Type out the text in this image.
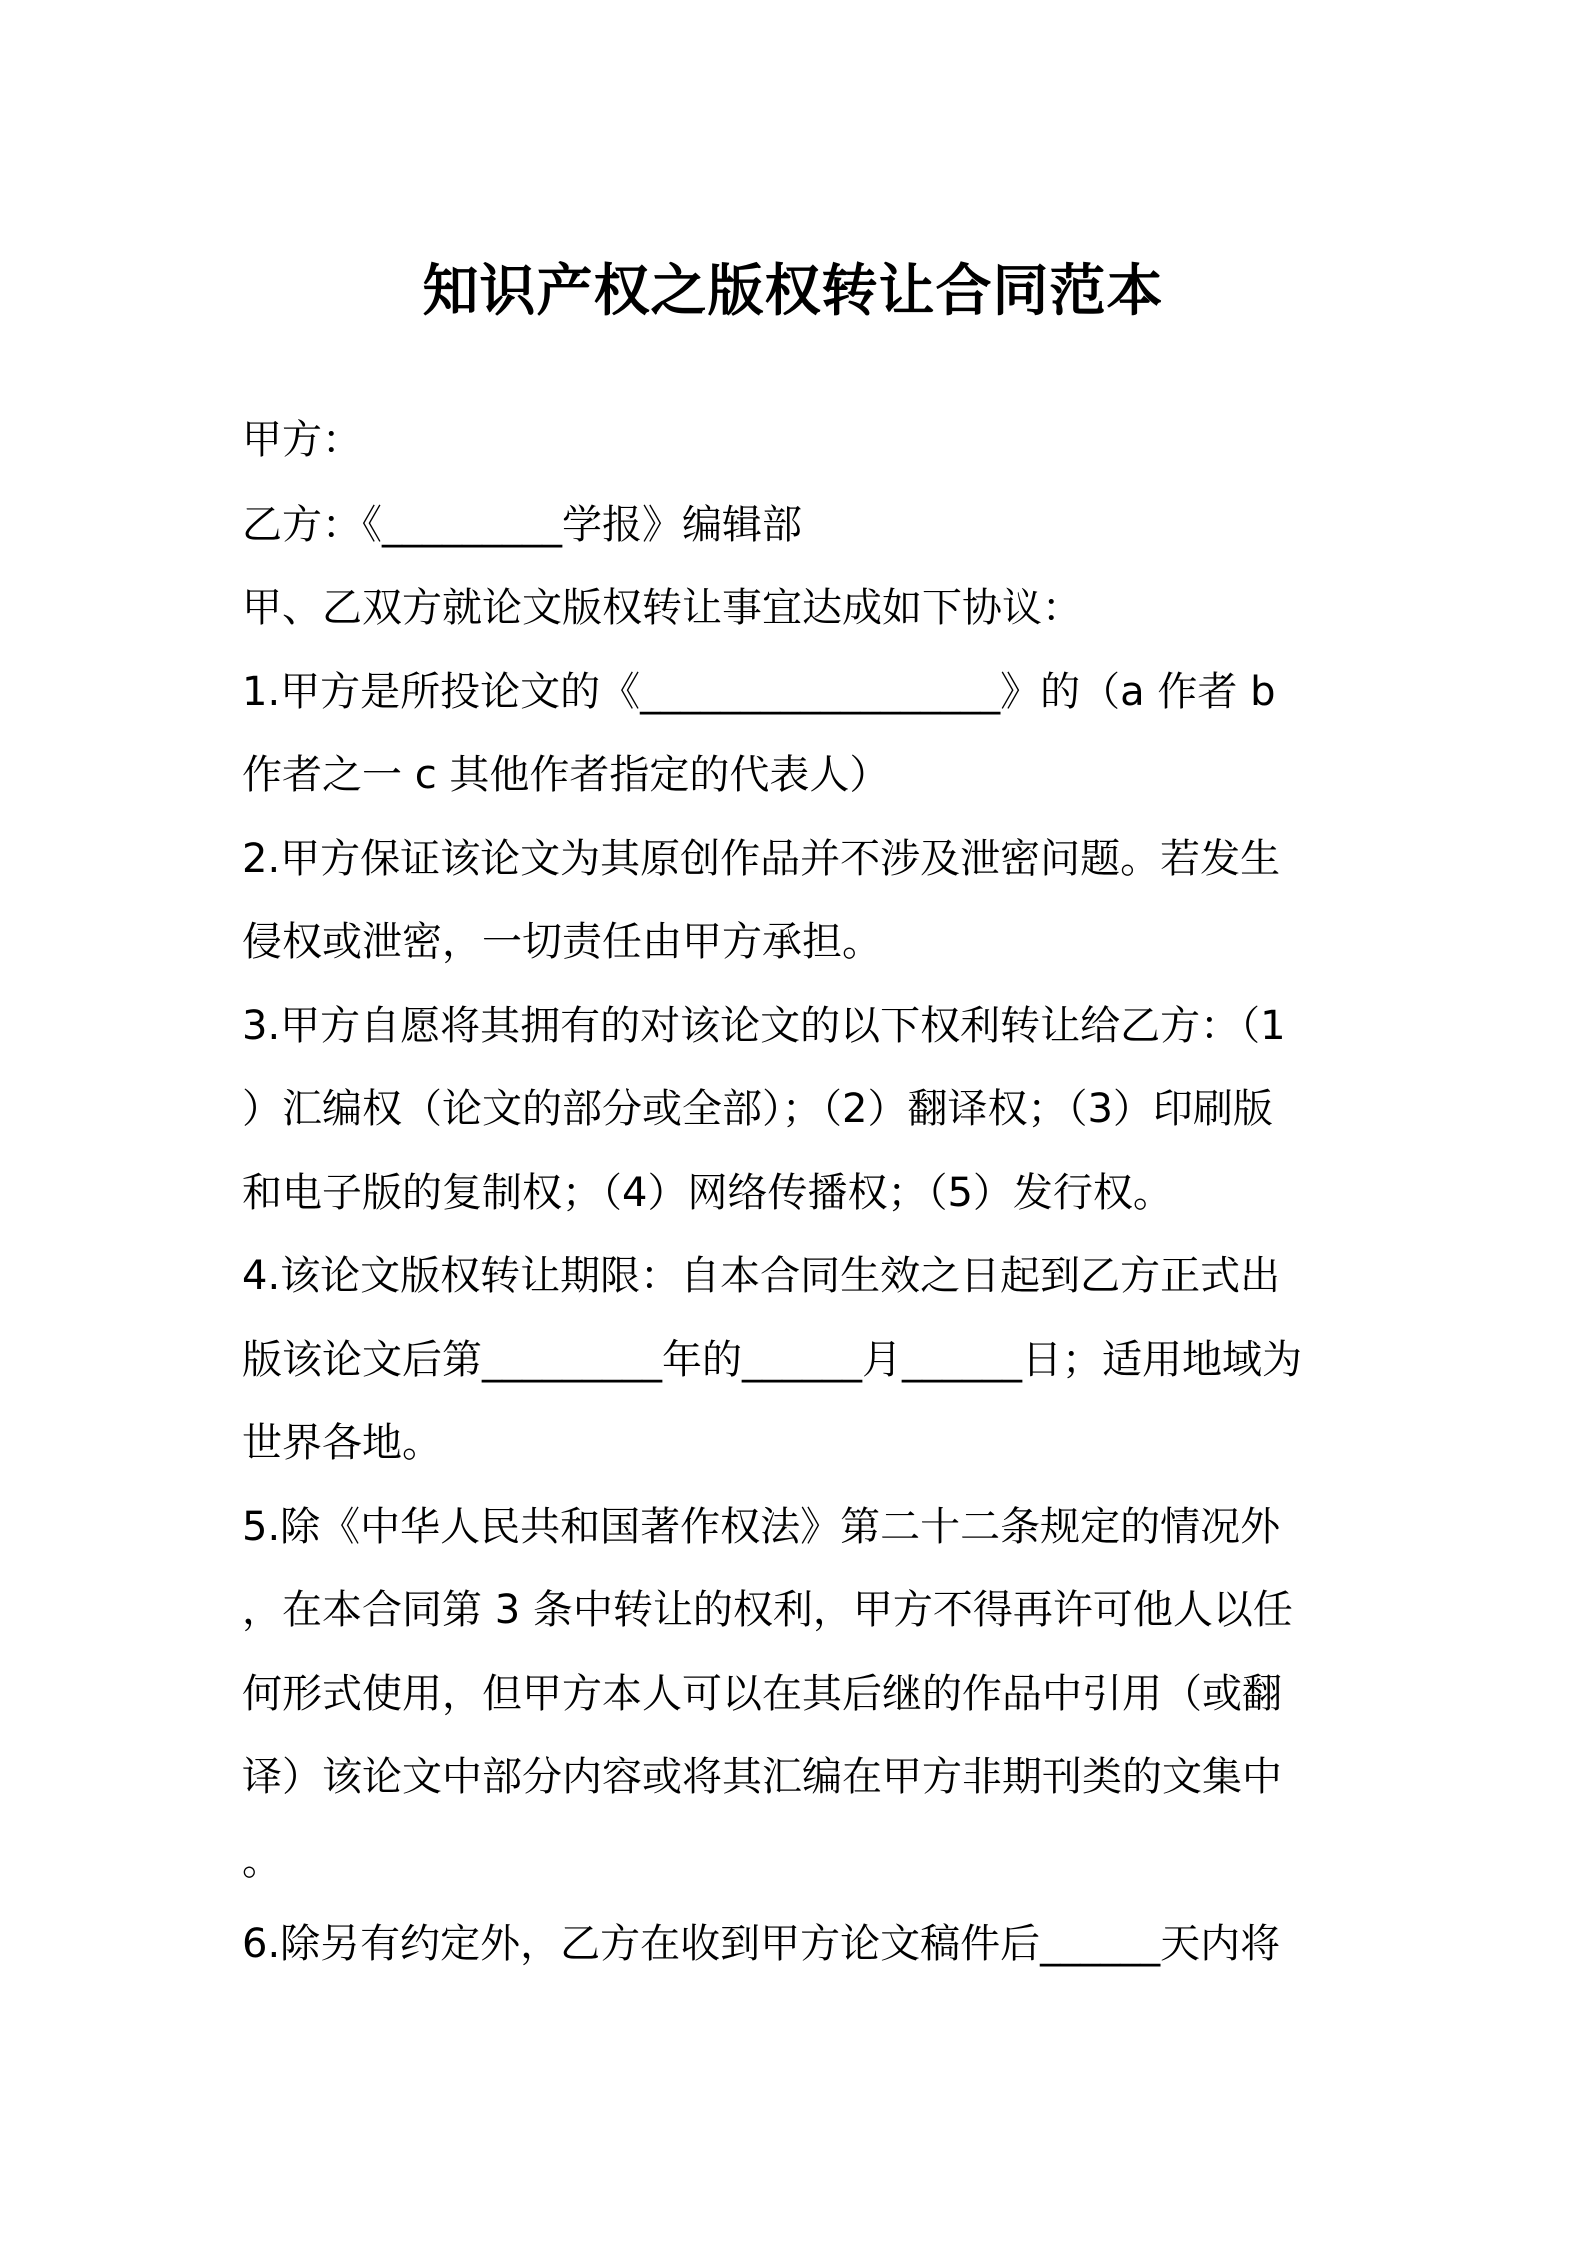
知识产权之版权转让合同范本

甲方：

乙方：《_________学报》编辑部

甲、乙双方就论文版权转让事宜达成如下协议：

1.甲方是所投论文的《__________________》的（a 作者 b

作者之一 c 其他作者指定的代表人）

2.甲方保证该论文为其原创作品并不涉及泄密问题。若发生

侵权或泄密，一切责任由甲方承担。

3.甲方自愿将其拥有的对该论文的以下权利转让给乙方：（1

）汇编权（论文的部分或全部）；（2）翻译权；（3）印刷版

和电子版的复制权；（4）网络传播权；（5）发行权。

4.该论文版权转让期限：自本合同生效之日起到乙方正式出

版该论文后第_________年的______月______日；适用地域为

世界各地。

5.除《中华人民共和国著作权法》第二十二条规定的情况外

，在本合同第 3 条中转让的权利，甲方不得再许可他人以任

何形式使用，但甲方本人可以在其后继的作品中引用（或翻

译）该论文中部分内容或将其汇编在甲方非期刊类的文集中

。

6.除另有约定外，乙方在收到甲方论文稿件后______天内将
